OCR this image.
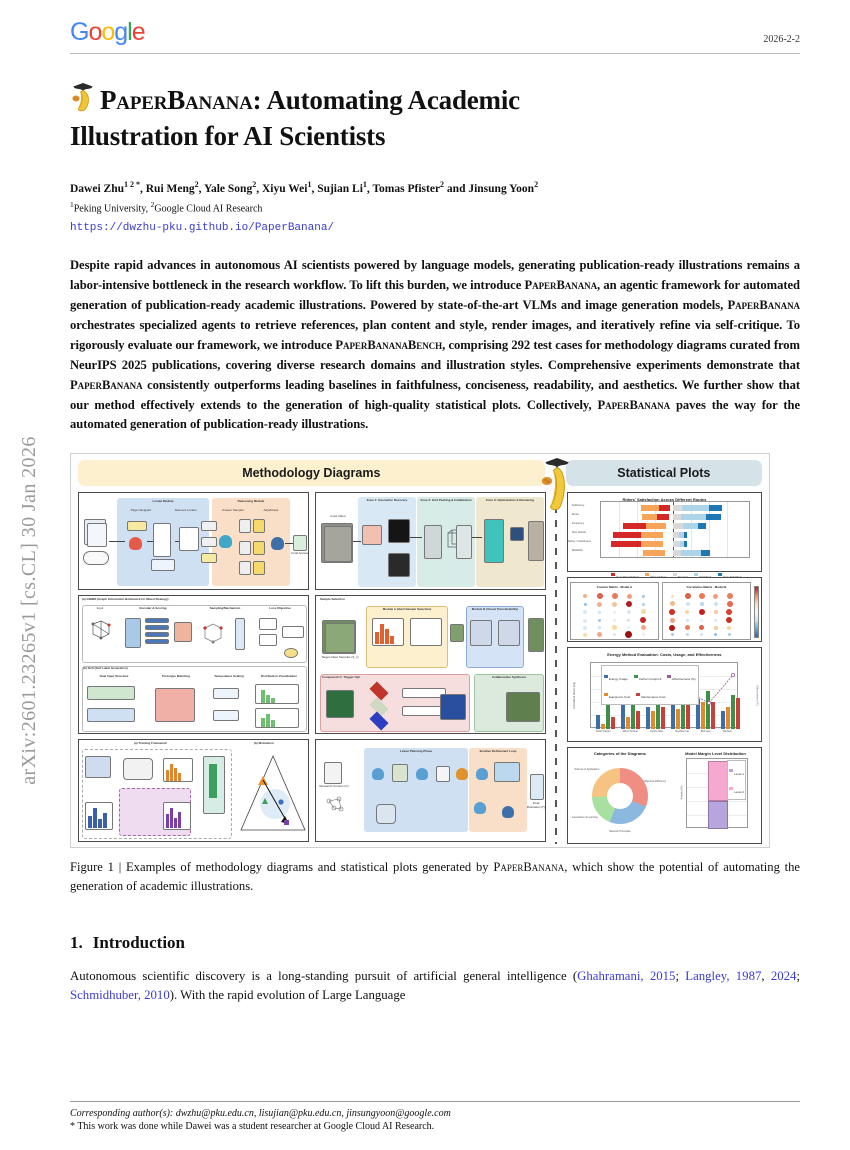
arXiv:2601.23265v1 [cs.CL] 30 Jan 2026
Google	2026-2-2
PaperBanana: Automating Academic
Illustration for AI Scientists
Dawei Zhu$^{1 2 *}$, Rui Meng$^2$, Yale Song$^2$, Xiyu Wei$^1$, Sujian Li$^1$, Tomas Pfister$^2$ and Jinsung Yoon$^2$
$^1$Peking University, $^2$Google Cloud AI Research
https://dwzhu-pku.github.io/PaperBanana/
Despite rapid advances in autonomous AI scientists powered by language models, generating publication-ready illustrations remains a labor-intensive bottleneck in the research workflow. To lift this burden, we introduce PaperBanana, an agentic framework for automated generation of publication-ready academic illustrations. Powered by state-of-the-art VLMs and image generation models, PaperBanana orchestrates specialized agents to retrieve references, plan content and style, render images, and iteratively refine via self-critique. To rigorously evaluate our framework, we introduce PaperBananaBench, comprising 292 test cases for methodology diagrams curated from NeurIPS 2025 publications, covering diverse research domains and illustration styles. Comprehensive experiments demonstrate that PaperBanana consistently outperforms leading baselines in faithfulness, conciseness, readability, and aesthetics. We further show that our method effectively extends to the generation of high-quality statistical plots. Collectively, PaperBanana paves the way for the automated generation of publication-ready illustrations.
Methodology Diagrams	Statistical Plots
Locate Module	Reasoning Module
Page Navigator	Element Locator	Answer Sampler	Adjudicator
Final Answer
(a) GIBMS (Graph Information Bottleneck for Mixed Strategy)
Input	Encoder & Scoring	Sampling/Mechanism	Loss Objective
(b) SLD (Soft Label Generation)
Dual Input Structure	Prototype Matching	Temperature Scaling	Distribution Visualization
(a) Training Framework	(b) Motivation
Zone 1: Geometric Recovery	Zone 2: Grid Packing & Initialization	Zone 3: Optimization & Rendering
Input Video
Sample Selection
Module A (Hard Sample Selection)	Module B (Visual Transferability)
Target Class Samples (S_c)
Component C: Trigger Opt.	Collaborative Synthesis
Linear Planning Phase	Iterative Refinement Loop
Research Context (C)
Final Illustration (I*)
Riders' Satisfaction Across Different Routes
Sufficiency
Route
Frequency
New Vehicle
Safety / Cleanliness
Reliability

Counter Matrix - Model A	Correlation Matrix - Model B
Energy Method Evaluation: Costs, Usage, and Effectiveness
Normalized Metric (log)	Effectiveness (%)
Energy Usage	Carbon Footprint	Effectiveness (%)
Equipment Cost	Maintenance Cost
Solar Panels	Wind Turbine	Hydro Dam	Geothermal	Biomass	Nuclear
Categories of the Diagrams
Science & Application
Objective Efficiency
Generative & Learning
Network Principles
Model Margin Level Distribution
Level-1
Level-2
Percent (%)
Figure 1 | Examples of methodology diagrams and statistical plots generated by PaperBanana, which show the potential of automating the generation of academic illustrations.
1. Introduction
Autonomous scientific discovery is a long-standing pursuit of artificial general intelligence (Ghahramani, 2015; Langley, 1987, 2024; Schmidhuber, 2010). With the rapid evolution of Large Language
Corresponding author(s): dwzhu@pku.edu.cn, lisujian@pku.edu.cn, jinsungyoon@google.com
* This work was done while Dawei was a student researcher at Google Cloud AI Research.
